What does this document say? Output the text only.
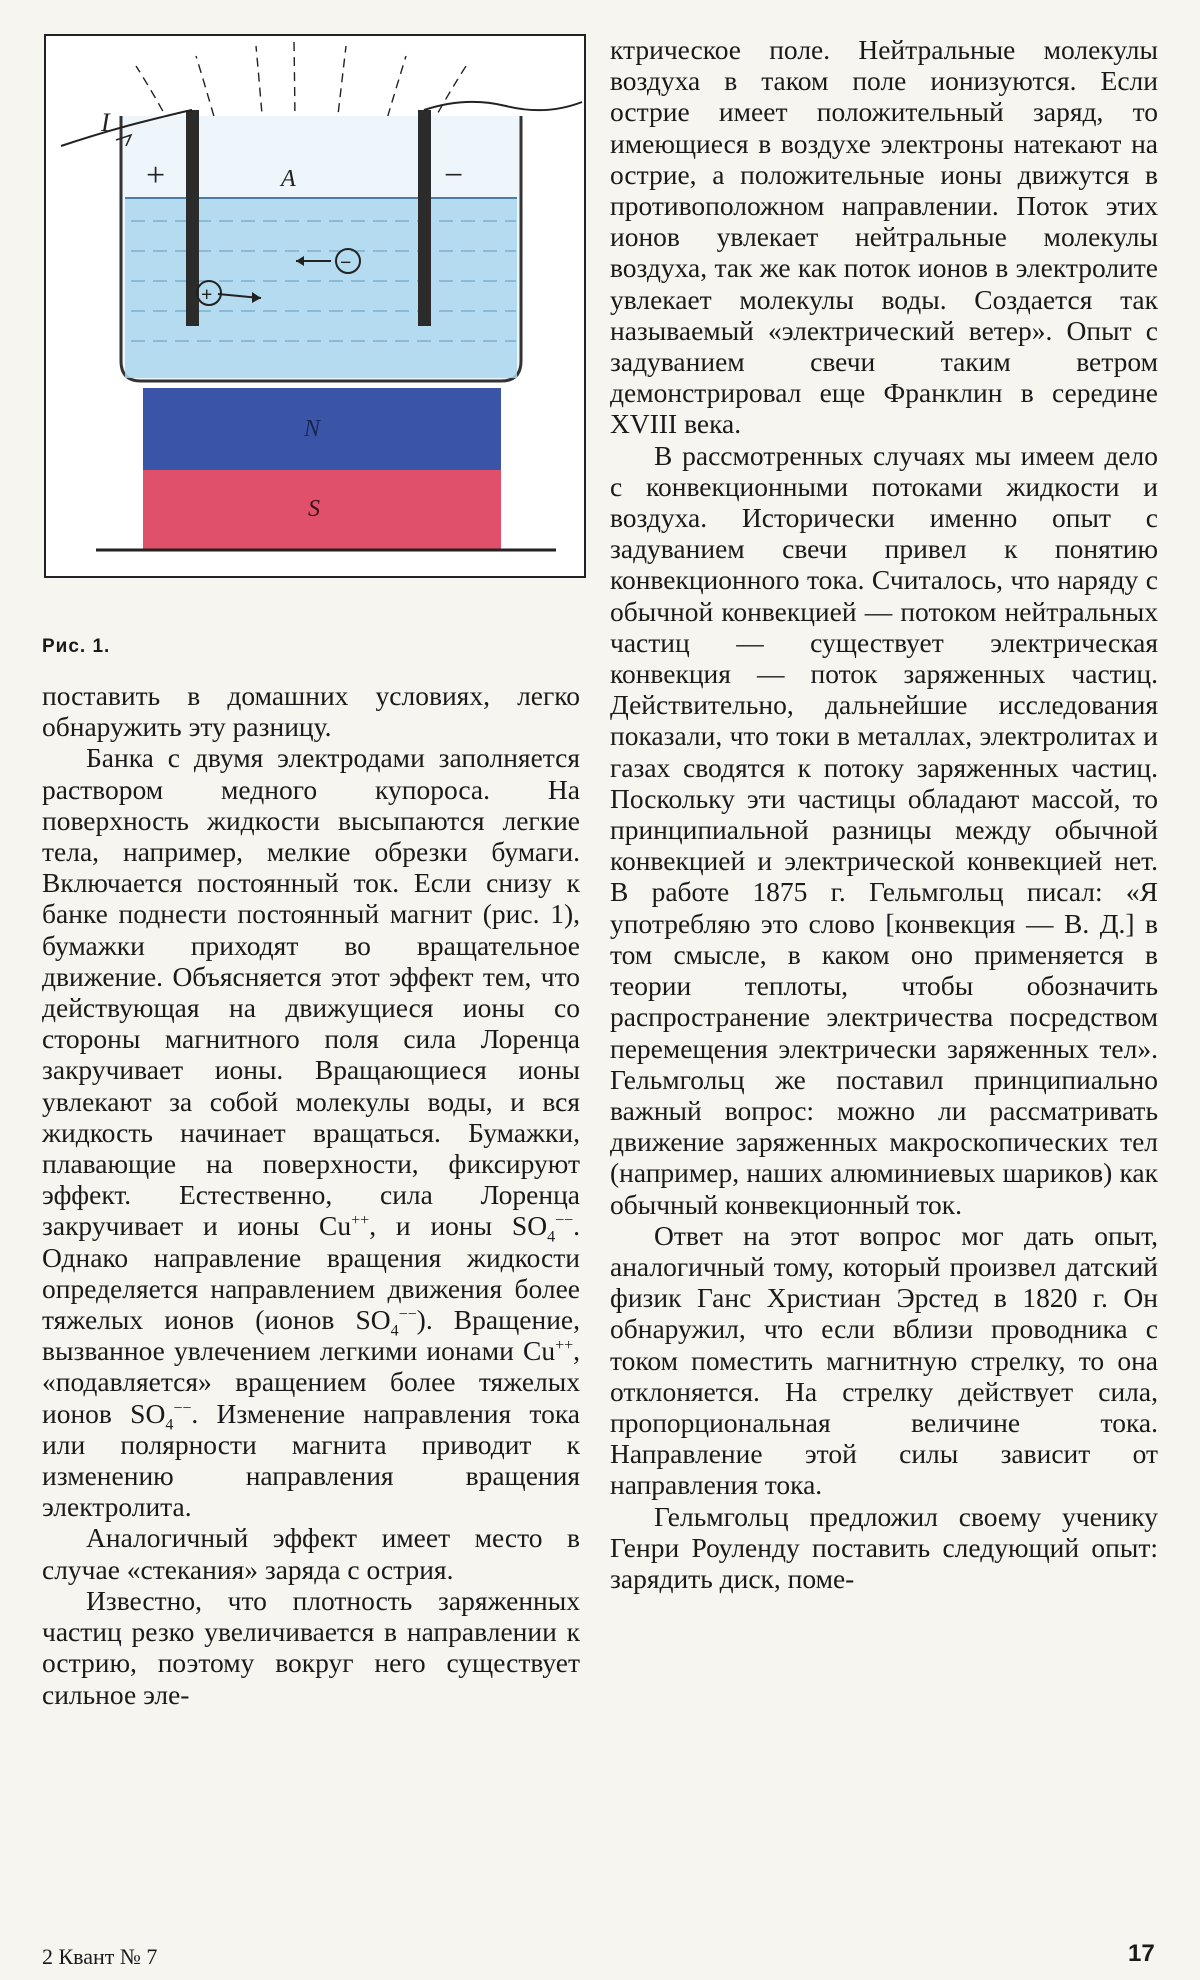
I
+	−
A
−
+
N
S
Рис. 1.

поставить в домашних условиях, легко обнаружить эту разницу.

Банка с двумя электродами заполняется раствором медного купороса. На поверхность жидкости высыпаются легкие тела, например, мелкие обрезки бумаги. Включается постоянный ток. Если снизу к банке поднести постоянный магнит (рис. 1), бумажки приходят во вращательное движение. Объясняется этот эффект тем, что действующая на движущиеся ионы со стороны магнитного поля сила Лоренца закручивает ионы. Вращающиеся ионы увлекают за собой молекулы воды, и вся жидкость начинает вращаться. Бумажки, плавающие на поверхности, фиксируют эффект. Естественно, сила Лоренца закручивает и ионы Cu++, и ионы $SO_4^{--}$. Однако направление вращения жидкости определяется направлением движения более тяжелых ионов (ионов $SO_4^{--}$). Вращение, вызванное увлечением легкими ионами Cu++, «подавляется» вращением более тяжелых ионов $SO_4^{--}$. Изменение направления тока или полярности магнита приводит к изменению направления вращения электролита.

Аналогичный эффект имеет место в случае «стекания» заряда с острия.

Известно, что плотность заряженных частиц резко увеличивается в направлении к острию, поэтому вокруг него существует сильное эле-

ктрическое поле. Нейтральные молекулы воздуха в таком поле ионизуются. Если острие имеет положительный заряд, то имеющиеся в воздухе электроны натекают на острие, а положительные ионы движутся в противоположном направлении. Поток этих ионов увлекает нейтральные молекулы воздуха, так же как поток ионов в электролите увлекает молекулы воды. Создается так называемый «электрический ветер». Опыт с задуванием свечи таким ветром демонстрировал еще Франклин в середине XVIII века.

В рассмотренных случаях мы имеем дело с конвекционными потоками жидкости и воздуха. Исторически именно опыт с задуванием свечи привел к понятию конвекционного тока. Считалось, что наряду с обычной конвекцией — потоком нейтральных частиц — существует электрическая конвекция — поток заряженных частиц. Действительно, дальнейшие исследования показали, что токи в металлах, электролитах и газах сводятся к потоку заряженных частиц. Поскольку эти частицы обладают массой, то принципиальной разницы между обычной конвекцией и электрической конвекцией нет. В работе 1875 г. Гельмгольц писал: «Я употребляю это слово [конвекция — В. Д.] в том смысле, в каком оно применяется в теории теплоты, чтобы обозначить распространение электричества посредством перемещения электрически заряженных тел». Гельмгольц же поставил принципиально важный вопрос: можно ли рассматривать движение заряженных макроскопических тел (например, наших алюминиевых шариков) как обычный конвекционный ток.

Ответ на этот вопрос мог дать опыт, аналогичный тому, который произвел датский физик Ганс Христиан Эрстед в 1820 г. Он обнаружил, что если вблизи проводника с током поместить магнитную стрелку, то она отклоняется. На стрелку действует сила, пропорциональная величине тока. Направление этой силы зависит от направления тока.

Гельмгольц предложил своему ученику Генри Роуленду поставить следующий опыт: зарядить диск, поме-

2 Квант № 7	17
